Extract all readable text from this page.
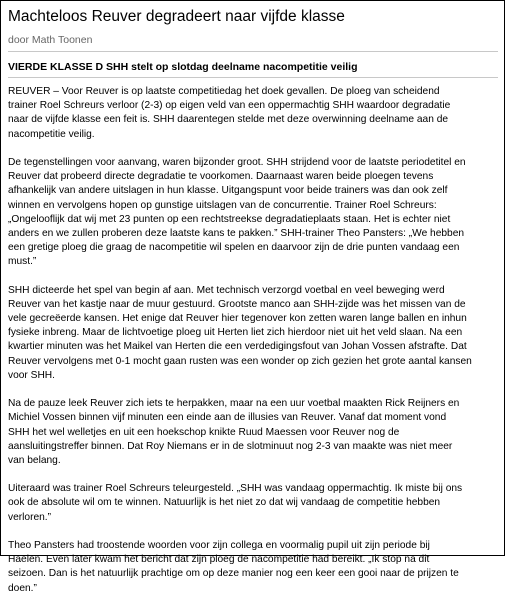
Machteloos Reuver degradeert naar vijfde klasse
door Math Toonen
VIERDE KLASSE D SHH stelt op slotdag deelname nacompetitie veilig

REUVER – Voor Reuver is op laatste competitiedag het doek gevallen. De ploeg van scheidend
trainer Roel Schreurs verloor (2-3) op eigen veld van een oppermachtig SHH waardoor degradatie
naar de vijfde klasse een feit is. SHH daarentegen stelde met deze overwinning deelname aan de
nacompetitie veilig.

De tegenstellingen voor aanvang, waren bijzonder groot. SHH strijdend voor de laatste periodetitel en
Reuver dat probeerd directe degradatie te voorkomen. Daarnaast waren beide ploegen tevens
afhankelijk van andere uitslagen in hun klasse. Uitgangspunt voor beide trainers was dan ook zelf
winnen en vervolgens hopen op gunstige uitslagen van de concurrentie. Trainer Roel Schreurs:
„Ongelooflijk dat wij met 23 punten op een rechtstreekse degradatieplaats staan. Het is echter niet
anders en we zullen proberen deze laatste kans te pakken.” SHH-trainer Theo Pansters: „We hebben
een gretige ploeg die graag de nacompetitie wil spelen en daarvoor zijn de drie punten vandaag een
must.”

SHH dicteerde het spel van begin af aan. Met technisch verzorgd voetbal en veel beweging werd
Reuver van het kastje naar de muur gestuurd. Grootste manco aan SHH-zijde was het missen van de
vele gecreëerde kansen. Het enige dat Reuver hier tegenover kon zetten waren lange ballen en inhun
fysieke inbreng. Maar de lichtvoetige ploeg uit Herten liet zich hierdoor niet uit het veld slaan. Na een
kwartier minuten was het Maikel van Herten die een verdedigingsfout van Johan Vossen afstrafte. Dat
Reuver vervolgens met 0-1 mocht gaan rusten was een wonder op zich gezien het grote aantal kansen
voor SHH.

Na de pauze leek Reuver zich iets te herpakken, maar na een uur voetbal maakten Rick Reijners en
Michiel Vossen binnen vijf minuten een einde aan de illusies van Reuver. Vanaf dat moment vond
SHH het wel welletjes en uit een hoekschop knikte Ruud Maessen voor Reuver nog de
aansluitingstreffer binnen. Dat Roy Niemans er in de slotminuut nog 2-3 van maakte was niet meer
van belang.

Uiteraard was trainer Roel Schreurs teleurgesteld. „SHH was vandaag oppermachtig. Ik miste bij ons
ook de absolute wil om te winnen. Natuurlijk is het niet zo dat wij vandaag de competitie hebben
verloren.”

Theo Pansters had troostende woorden voor zijn collega en voormalig pupil uit zijn periode bij
Haelen. Even later kwam het bericht dat zijn ploeg de nacompetitie had bereikt. „Ik stop na dit
seizoen. Dan is het natuurlijk prachtige om op deze manier nog een keer een gooi naar de prijzen te
doen.”
